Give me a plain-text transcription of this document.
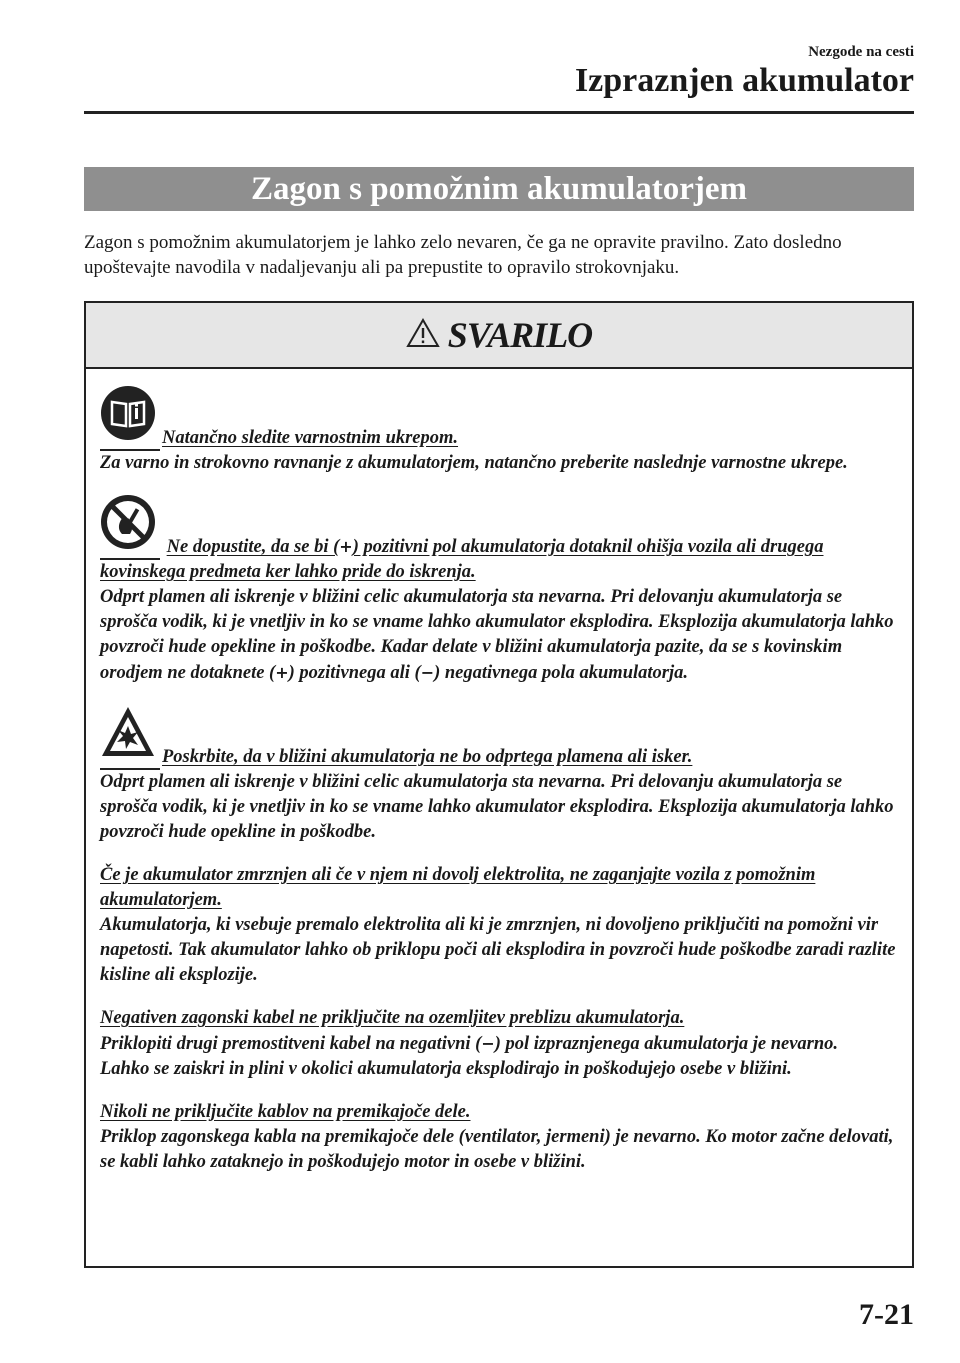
Nezgode na cesti
Izpraznjen akumulator
Zagon s pomožnim akumulatorjem
Zagon s pomožnim akumulatorjem je lahko zelo nevaren, če ga ne opravite pravilno. Zato dosledno upoštevajte navodila v nadaljevanju ali pa prepustite to opravilo strokovnjaku.
SVARILO
Natančno sledite varnostnim ukrepom.
Za varno in strokovno ravnanje z akumulatorjem, natančno preberite naslednje varnostne ukrepe.
Ne dopustite, da se bi (+) pozitivni pol akumulatorja dotaknil ohišja vozila ali drugega kovinskega predmeta ker lahko pride do iskrenja.
Odprt plamen ali iskrenje v bližini celic akumulatorja sta nevarna. Pri delovanju akumulatorja se sprošča vodik, ki je vnetljiv in ko se vname lahko akumulator eksplodira. Eksplozija akumulatorja lahko povzroči hude opekline in poškodbe. Kadar delate v bližini akumulatorja pazite, da se s kovinskim orodjem ne dotaknete (+) pozitivnega ali (−) negativnega pola akumulatorja.
Poskrbite, da v bližini akumulatorja ne bo odprtega plamena ali isker.
Odprt plamen ali iskrenje v bližini celic akumulatorja sta nevarna. Pri delovanju akumulatorja se sprošča vodik, ki je vnetljiv in ko se vname lahko akumulator eksplodira. Eksplozija akumulatorja lahko povzroči hude opekline in poškodbe.
Če je akumulator zmrznjen ali če v njem ni dovolj elektrolita, ne zaganjajte vozila z pomožnim akumulatorjem.
Akumulatorja, ki vsebuje premalo elektrolita ali ki je zmrznjen, ni dovoljeno priključiti na pomožni vir napetosti. Tak akumulator lahko ob priklopu poči ali eksplodira in povzroči hude poškodbe zaradi razlite kisline ali eksplozije.
Negativen zagonski kabel ne priključite na ozemljitev preblizu akumulatorja.
Priklopiti drugi premostitveni kabel na negativni (−) pol izpraznjenega akumulatorja je nevarno.
Lahko se zaiskri in plini v okolici akumulatorja eksplodirajo in poškodujejo osebe v bližini.
Nikoli ne priključite kablov na premikajoče dele.
Priklop zagonskega kabla na premikajoče dele (ventilator, jermeni) je nevarno. Ko motor začne delovati, se kabli lahko zataknejo in poškodujejo motor in osebe v bližini.
7-21
